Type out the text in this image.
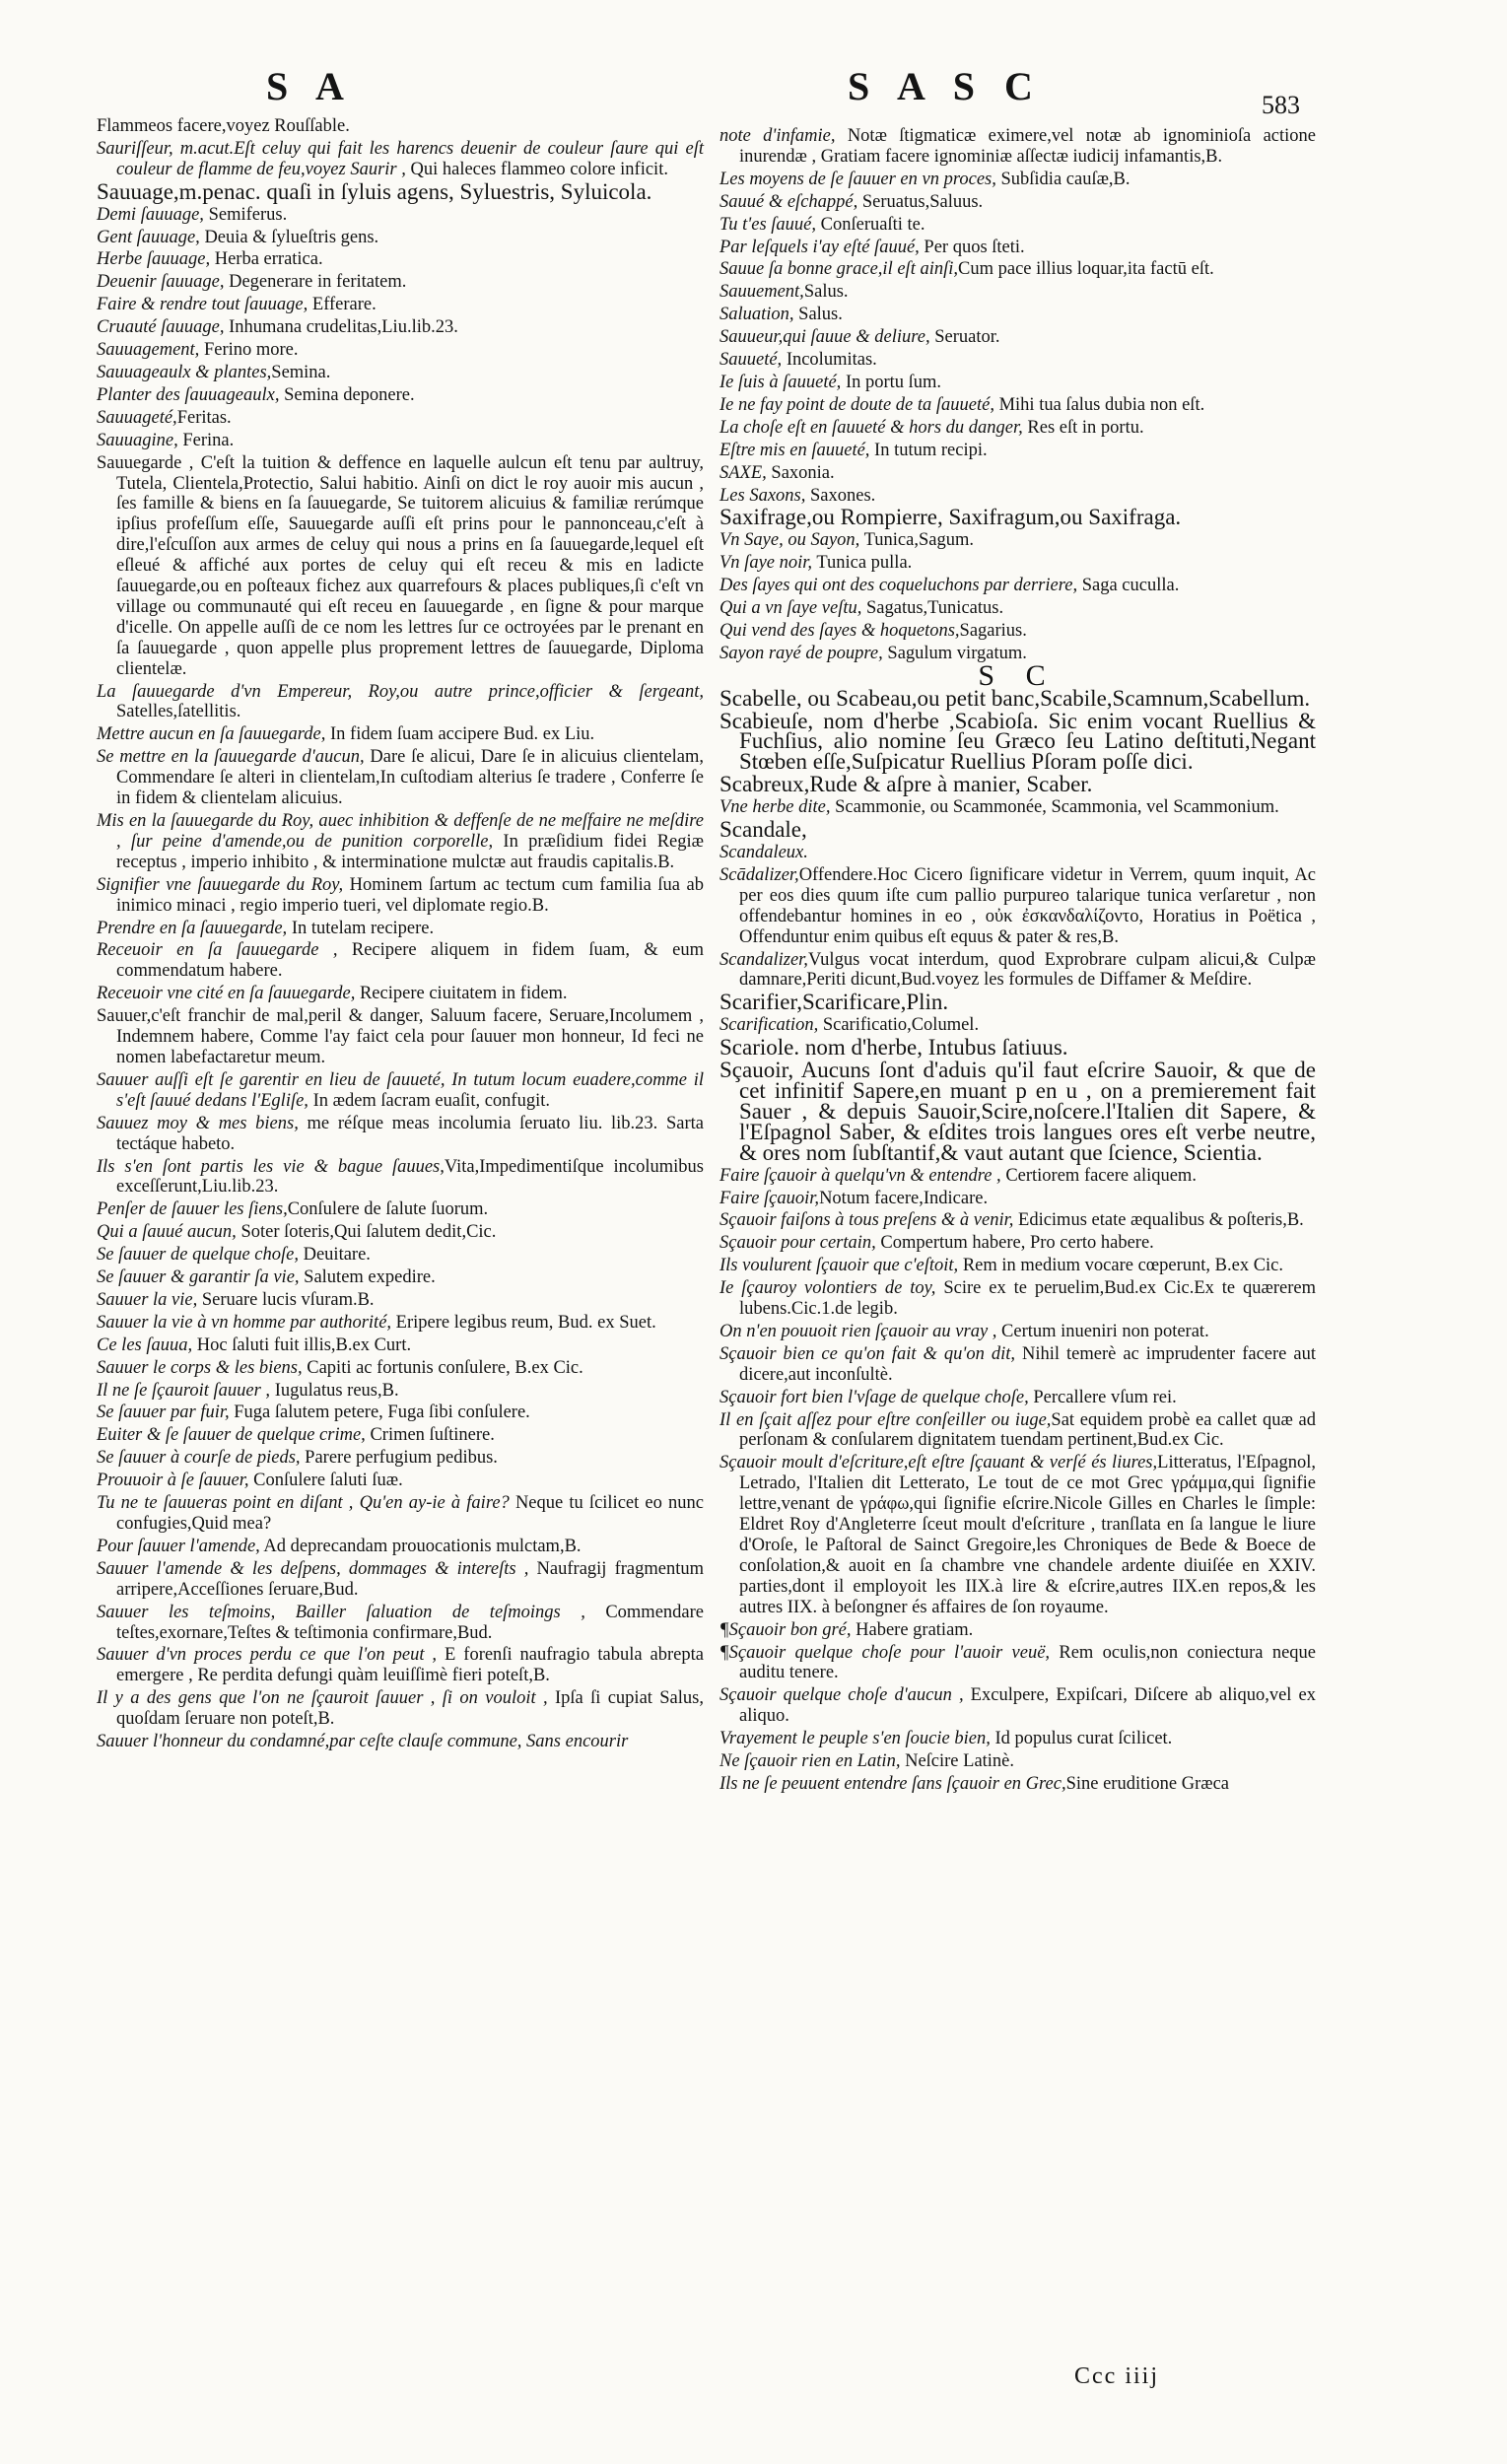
S A	S A S C	583
Flammeos facere,voyez Rouſſable.
Sauriſſeur, m.acut.Eſt celuy qui fait les harencs deuenir de couleur ſaure qui eſt couleur de flamme de feu,voyez Saurir , Qui haleces flammeo colore inficit.
Sauuage,m.penac. quaſi in ſyluis agens, Syluestris, Syluicola.
Demi ſauuage, Semiferus.
Gent ſauuage, Deuia & ſylueſtris gens.
Herbe ſauuage, Herba erratica.
Deuenir ſauuage, Degenerare in feritatem.
Faire & rendre tout ſauuage, Efferare.
Cruauté ſauuage, Inhumana crudelitas,Liu.lib.23.
Sauuagement, Ferino more.
Sauuageaulx & plantes,Semina.
Planter des ſauuageaulx, Semina deponere.
Sauuageté,Feritas.
Sauuagine, Ferina.
Sauuegarde , C'eſt la tuition & deffence en laquelle aulcun eſt tenu par aultruy, Tutela, Clientela,Protectio, Salui habitio. Ainſi on dict le roy auoir mis aucun , ſes famille & biens en ſa ſauuegarde, Se tuitorem alicuius & familiæ rerúmque ipſius profeſſum eſſe, Sauuegarde auſſi eſt prins pour le pannonceau,c'eſt à dire,l'eſcuſſon aux armes de celuy qui nous a prins en ſa ſauuegarde,lequel eſt eſleué & affiché aux portes de celuy qui eſt receu & mis en ladicte ſauuegarde,ou en poſteaux fichez aux quarrefours & places publiques,ſi c'eſt vn village ou communauté qui eſt receu en ſauuegarde , en ſigne & pour marque d'icelle. On appelle auſſi de ce nom les lettres ſur ce octroyées par le prenant en ſa ſauuegarde , quon appelle plus proprement lettres de ſauuegarde, Diploma clientelæ.
La ſauuegarde d'vn Empereur, Roy,ou autre prince,officier & ſergeant, Satelles,ſatellitis.
Mettre aucun en ſa ſauuegarde, In fidem ſuam accipere Bud. ex Liu.
Se mettre en la ſauuegarde d'aucun, Dare ſe alicui, Dare ſe in alicuius clientelam, Commendare ſe alteri in clientelam,In cuſtodiam alterius ſe tradere , Conferre ſe in fidem & clientelam alicuius.
Mis en la ſauuegarde du Roy, auec inhibition & deffenſe de ne meſfaire ne meſdire , ſur peine d'amende,ou de punition corporelle, In præſidium fidei Regiæ receptus , imperio inhibito , & interminatione mulctæ aut fraudis capitalis.B.
Signifier vne ſauuegarde du Roy, Hominem ſartum ac tectum cum familia ſua ab inimico minaci , regio imperio tueri, vel diplomate regio.B.
Prendre en ſa ſauuegarde, In tutelam recipere.
Receuoir en ſa ſauuegarde , Recipere aliquem in fidem ſuam, & eum commendatum habere.
Receuoir vne cité en ſa ſauuegarde, Recipere ciuitatem in fidem.
Sauuer,c'eſt franchir de mal,peril & danger, Saluum facere, Seruare,Incolumem , Indemnem habere, Comme l'ay faict cela pour ſauuer mon honneur, Id feci ne nomen labefactaretur meum.
Sauuer auſſi eſt ſe garentir en lieu de ſauueté, In tutum locum euadere,comme il s'eſt ſauué dedans l'Egliſe, In ædem ſacram euaſit, confugit.
Sauuez moy & mes biens, me réſque meas incolumia ſeruato liu. lib.23. Sarta tectáque habeto.
Ils s'en ſont partis les vie & bague ſauues,Vita,Impedimentiſque incolumibus exceſſerunt,Liu.lib.23.
Penſer de ſauuer les ſiens,Conſulere de ſalute ſuorum.
Qui a ſauué aucun, Soter ſoteris,Qui ſalutem dedit,Cic.
Se ſauuer de quelque choſe, Deuitare.
Se ſauuer & garantir ſa vie, Salutem expedire.
Sauuer la vie, Seruare lucis vſuram.B.
Sauuer la vie à vn homme par authorité, Eripere legibus reum, Bud. ex Suet.
Ce les ſauua, Hoc ſaluti fuit illis,B.ex Curt.
Sauuer le corps & les biens, Capiti ac fortunis conſulere, B.ex Cic.
Il ne ſe ſçauroit ſauuer , Iugulatus reus,B.
Se ſauuer par fuir, Fuga ſalutem petere, Fuga ſibi conſulere.
Euiter & ſe ſauuer de quelque crime, Crimen ſuſtinere.
Se ſauuer à courſe de pieds, Parere perfugium pedibus.
Prouuoir à ſe ſauuer, Conſulere ſaluti ſuæ.
Tu ne te ſauueras point en diſant , Qu'en ay-ie à faire? Neque tu ſcilicet eo nunc confugies,Quid mea?
Pour ſauuer l'amende, Ad deprecandam prouocationis mulctam,B.
Sauuer l'amende & les deſpens, dommages & intereſts , Naufragij fragmentum arripere,Acceſſiones ſeruare,Bud.
Sauuer les teſmoins, Bailler ſaluation de teſmoings , Commendare teſtes,exornare,Teſtes & teſtimonia confirmare,Bud.
Sauuer d'vn proces perdu ce que l'on peut , E forenſi naufragio tabula abrepta emergere , Re perdita defungi quàm leuiſſimè fieri poteſt,B.
Il y a des gens que l'on ne ſçauroit ſauuer , ſi on vouloit , Ipſa ſi cupiat Salus, quoſdam ſeruare non poteſt,B.
Sauuer l'honneur du condamné,par ceſte clauſe commune, Sans encourir
note d'infamie, Notæ ſtigmaticæ eximere,vel notæ ab ignominioſa actione inurendæ , Gratiam facere ignominiæ aſſectæ iudicij infamantis,B.
Les moyens de ſe ſauuer en vn proces, Subſidia cauſæ,B.
Sauué & eſchappé, Seruatus,Saluus.
Tu t'es ſauué, Conſeruaſti te.
Par leſquels i'ay eſté ſauué, Per quos ſteti.
Sauue ſa bonne grace,il eſt ainſi,Cum pace illius loquar,ita factū eſt.
Sauuement,Salus.
Saluation, Salus.
Sauueur,qui ſauue & deliure, Seruator.
Sauueté, Incolumitas.
Ie ſuis à ſauueté, In portu ſum.
Ie ne fay point de doute de ta ſauueté, Mihi tua ſalus dubia non eſt.
La choſe eſt en ſauueté & hors du danger, Res eſt in portu.
Eſtre mis en ſauueté, In tutum recipi.
SAXE, Saxonia.
Les Saxons, Saxones.
Saxifrage,ou Rompierre, Saxifragum,ou Saxifraga.
Vn Saye, ou Sayon, Tunica,Sagum.
Vn ſaye noir, Tunica pulla.
Des ſayes qui ont des coqueluchons par derriere, Saga cuculla.
Qui a vn ſaye veſtu, Sagatus,Tunicatus.
Qui vend des ſayes & hoquetons,Sagarius.
Sayon rayé de poupre, Sagulum virgatum.
S C
Scabelle, ou Scabeau,ou petit banc,Scabile,Scamnum,Scabellum.
Scabieuſe, nom d'herbe ,Scabioſa. Sic enim vocant Ruellius & Fuchſius, alio nomine ſeu Græco ſeu Latino deſtituti,Negant Stœben eſſe,Suſpicatur Ruellius Pſoram poſſe dici.
Scabreux,Rude & aſpre à manier, Scaber.
Vne herbe dite, Scammonie, ou Scammonée, Scammonia, vel Scammonium.
Scandale,
Scandaleux.
Scādalizer,Offendere.Hoc Cicero ſignificare videtur in Verrem, quum inquit, Ac per eos dies quum iſte cum pallio purpureo talarique tunica verſaretur , non offendebantur homines in eo , οὐκ ἐσκανδαλίζοντο, Horatius in Poëtica , Offenduntur enim quibus eſt equus & pater & res,B.
Scandalizer,Vulgus vocat interdum, quod Exprobrare culpam alicui,& Culpæ damnare,Periti dicunt,Bud.voyez les formules de Diffamer & Meſdire.
Scarifier,Scarificare,Plin.
Scarification, Scarificatio,Columel.
Scariole. nom d'herbe, Intubus ſatiuus.
Sçauoir, Aucuns ſont d'aduis qu'il faut eſcrire Sauoir, & que de cet infinitif Sapere,en muant p en u , on a premierement fait Sauer , & depuis Sauoir,Scire,noſcere.l'Italien dit Sapere, & l'Eſpagnol Saber, & eſdites trois langues ores eſt verbe neutre, & ores nom ſubſtantif,& vaut autant que ſcience, Scientia.
Faire ſçauoir à quelqu'vn & entendre , Certiorem facere aliquem.
Faire ſçauoir,Notum facere,Indicare.
Sçauoir faiſons à tous preſens & à venir, Edicimus etate æqualibus & poſteris,B.
Sçauoir pour certain, Compertum habere, Pro certo habere.
Ils voulurent ſçauoir que c'eſtoit, Rem in medium vocare cœperunt, B.ex Cic.
Ie ſçauroy volontiers de toy, Scire ex te peruelim,Bud.ex Cic.Ex te quærerem lubens.Cic.1.de legib.
On n'en pouuoit rien ſçauoir au vray , Certum inueniri non poterat.
Sçauoir bien ce qu'on fait & qu'on dit, Nihil temerè ac imprudenter facere aut dicere,aut inconſultè.
Sçauoir fort bien l'vſage de quelque choſe, Percallere vſum rei.
Il en ſçait aſſez pour eſtre conſeiller ou iuge,Sat equidem probè ea callet quæ ad perſonam & conſularem dignitatem tuendam pertinent,Bud.ex Cic.
Sçauoir moult d'eſcriture,eſt eſtre ſçauant & verſé és liures,Litteratus, l'Eſpagnol, Letrado, l'Italien dit Letterato, Le tout de ce mot Grec γράμμα,qui ſignifie lettre,venant de γράφω,qui ſignifie eſcrire.Nicole Gilles en Charles le ſimple: Eldret Roy d'Angleterre ſceut moult d'eſcriture , tranſlata en ſa langue le liure d'Oroſe, le Paſtoral de Sainct Gregoire,les Chroniques de Bede & Boece de conſolation,& auoit en ſa chambre vne chandele ardente diuiſée en XXIV. parties,dont il employoit les IIX.à lire & eſcrire,autres IIX.en repos,& les autres IIX. à beſongner és affaires de ſon royaume.
¶Sçauoir bon gré, Habere gratiam.
¶Sçauoir quelque choſe pour l'auoir veuë, Rem oculis,non coniectura neque auditu tenere.
Sçauoir quelque choſe d'aucun , Exculpere, Expiſcari, Diſcere ab aliquo,vel ex aliquo.
Vrayement le peuple s'en ſoucie bien, Id populus curat ſcilicet.
Ne ſçauoir rien en Latin, Neſcire Latinè.
Ils ne ſe peuuent entendre ſans ſçauoir en Grec,Sine eruditione Græca
Ccc iiij
